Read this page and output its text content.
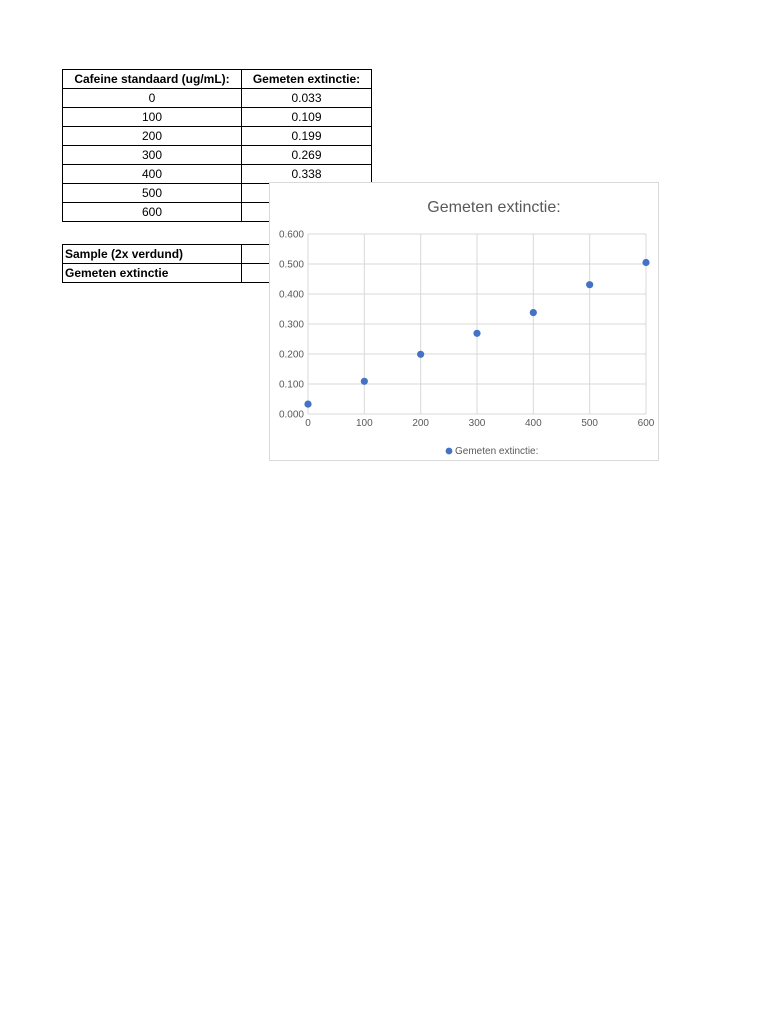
Cafeine standaard (ug/mL):	Gemeten extinctie:
0	0.033
100	0.109
200	0.199
300	0.269
400	0.338
500	
600	
Sample (2x verdund)	
Gemeten extinctie	
Gemeten extinctie:
0.000
0.100
0.200
0.300
0.400
0.500
0.600
0	100	200	300	400	500	600
Gemeten extinctie:
